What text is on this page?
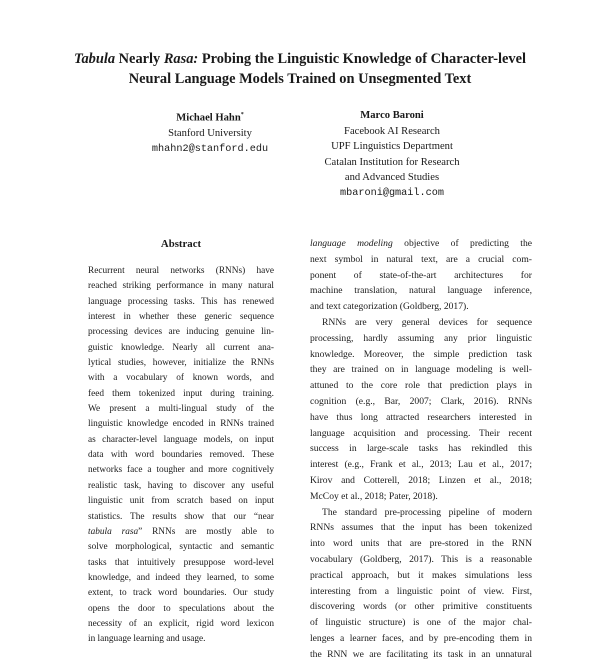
Tabula Nearly Rasa: Probing the Linguistic Knowledge of Character-level
Neural Language Models Trained on Unsegmented Text
Michael Hahn*
Stanford University
mhahn2@stanford.edu
Marco Baroni
Facebook AI Research
UPF Linguistics Department
Catalan Institution for Research
and Advanced Studies
mbaroni@gmail.com
Abstract
Recurrent neural networks (RNNs) have
reached striking performance in many natural
language processing tasks. This has renewed
interest in whether these generic sequence
processing devices are inducing genuine lin-
guistic knowledge. Nearly all current ana-
lytical studies, however, initialize the RNNs
with a vocabulary of known words, and
feed them tokenized input during training.
We present a multi-lingual study of the
linguistic knowledge encoded in RNNs trained
as character-level language models, on input
data with word boundaries removed. These
networks face a tougher and more cognitively
realistic task, having to discover any useful
linguistic unit from scratch based on input
statistics. The results show that our “near
tabula rasa” RNNs are mostly able to
solve morphological, syntactic and semantic
tasks that intuitively presuppose word-level
knowledge, and indeed they learned, to some
extent, to track word boundaries. Our study
opens the door to speculations about the
necessity of an explicit, rigid word lexicon
in language learning and usage.
language modeling objective of predicting the
next symbol in natural text, are a crucial com-
ponent of state-of-the-art architectures for
machine translation, natural language inference,
and text categorization (Goldberg, 2017).
RNNs are very general devices for sequence
processing, hardly assuming any prior linguistic
knowledge. Moreover, the simple prediction task
they are trained on in language modeling is well-
attuned to the core role that prediction plays in
cognition (e.g., Bar, 2007; Clark, 2016). RNNs
have thus long attracted researchers interested in
language acquisition and processing. Their recent
success in large-scale tasks has rekindled this
interest (e.g., Frank et al., 2013; Lau et al., 2017;
Kirov and Cotterell, 2018; Linzen et al., 2018;
McCoy et al., 2018; Pater, 2018).
The standard pre-processing pipeline of modern
RNNs assumes that the input has been tokenized
into word units that are pre-stored in the RNN
vocabulary (Goldberg, 2017). This is a reasonable
practical approach, but it makes simulations less
interesting from a linguistic point of view. First,
discovering words (or other primitive constituents
of linguistic structure) is one of the major chal-
lenges a learner faces, and by pre-encoding them in
the RNN we are facilitating its task in an unnatural
